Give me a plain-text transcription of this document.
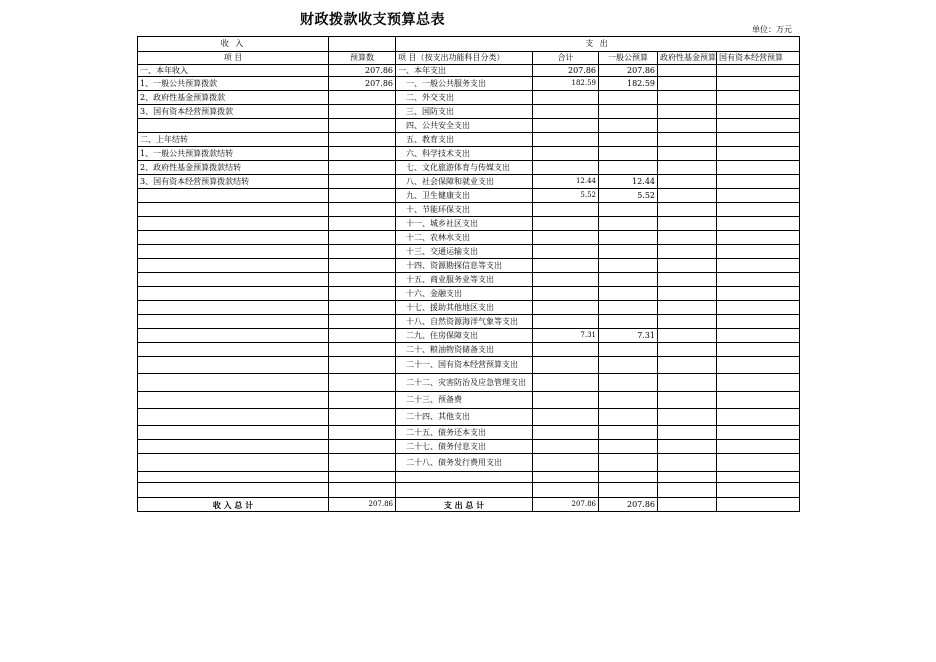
财政拨款收支预算总表
单位：万元
收 入		支 出				
项 目	预算数	项 目（按支出功能科目分类）	合计	一般公预算	政府性基金预算	国有资本经营预算
一、本年收入	207.86	一、本年支出	207.86	207.86		
1、一般公共预算拨款	207.86	一、一般公共服务支出	182.59	182.59		
2、政府性基金预算拨款		二、外交支出				
3、国有资本经营预算拨款		三、国防支出				
		四、公共安全支出				
二、上年结转		五、教育支出				
1、一般公共预算拨款结转		六、科学技术支出				
2、政府性基金预算拨款结转		七、文化旅游体育与传媒支出				
3、国有资本经营预算拨款结转		八、社会保障和就业支出	12.44	12.44		
		九、卫生健康支出	5.52	5.52		
		十、节能环保支出				
		十一、城乡社区支出				
		十二、农林水支出				
		十三、交通运输支出				
		十四、资源勘探信息等支出				
		十五、商业服务业等支出				
		十六、金融支出				
		十七、援助其他地区支出				
		十八、自然资源海洋气象等支出				
		二九、住房保障支出	7.31	7.31		
		二十、粮油物资储备支出				
		二十一、国有资本经营预算支出				
		二十二、灾害防治及应急管理支出				
		二十三、预备费				
		二十四、其他支出				
		二十五、债务还本支出				
		二十七、债务付息支出				
		二十八、债务发行费用支出				

收 入 总 计	207.86	支 出 总 计	207.86	207.86		
